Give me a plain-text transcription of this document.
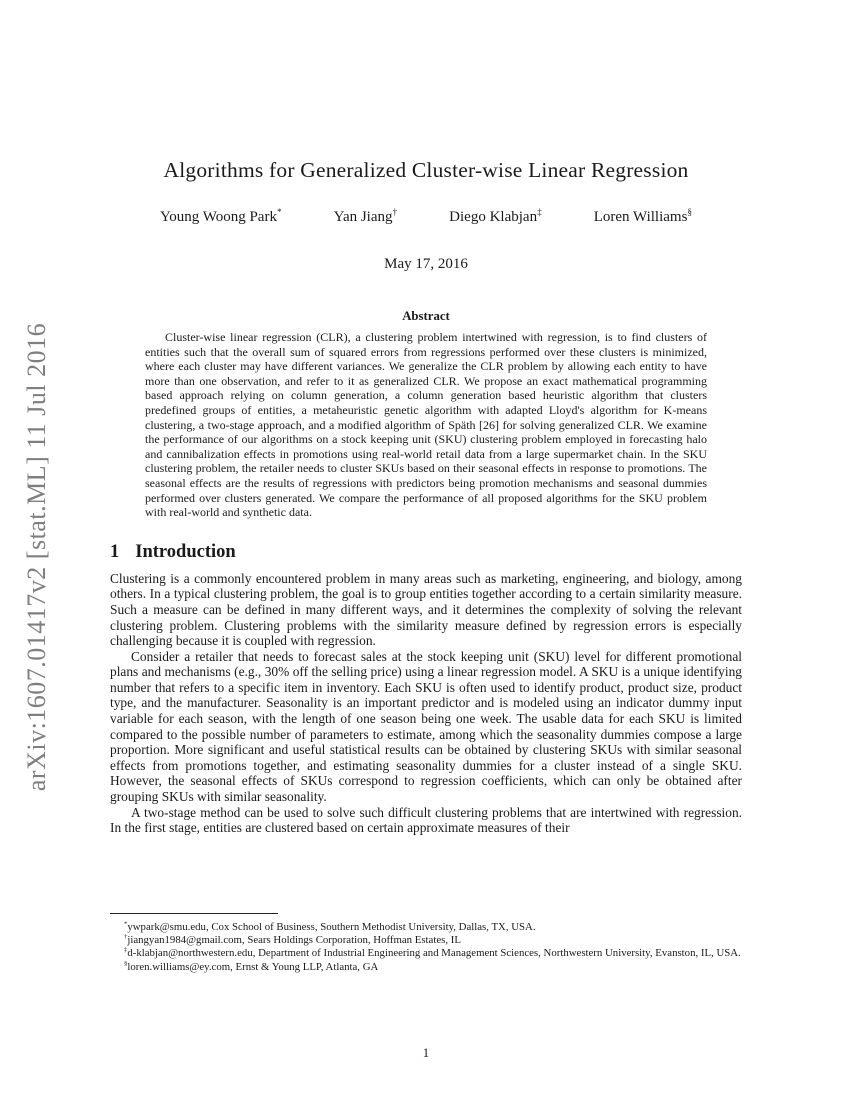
arXiv:1607.01417v2 [stat.ML] 11 Jul 2016
Algorithms for Generalized Cluster-wise Linear Regression
Young Woong Park*	Yan Jiang†	Diego Klabjan‡	Loren Williams§
May 17, 2016
Abstract

Cluster-wise linear regression (CLR), a clustering problem intertwined with regression, is to find clusters of entities such that the overall sum of squared errors from regressions performed over these clusters is minimized, where each cluster may have different variances. We generalize the CLR problem by allowing each entity to have more than one observation, and refer to it as generalized CLR. We propose an exact mathematical programming based approach relying on column generation, a column generation based heuristic algorithm that clusters predefined groups of entities, a metaheuristic genetic algorithm with adapted Lloyd's algorithm for K-means clustering, a two-stage approach, and a modified algorithm of Späth [26] for solving generalized CLR. We examine the performance of our algorithms on a stock keeping unit (SKU) clustering problem employed in forecasting halo and cannibalization effects in promotions using real-world retail data from a large supermarket chain. In the SKU clustering problem, the retailer needs to cluster SKUs based on their seasonal effects in response to promotions. The seasonal effects are the results of regressions with predictors being promotion mechanisms and seasonal dummies performed over clusters generated. We compare the performance of all proposed algorithms for the SKU problem with real-world and synthetic data.

1 Introduction

Clustering is a commonly encountered problem in many areas such as marketing, engineering, and biology, among others. In a typical clustering problem, the goal is to group entities together according to a certain similarity measure. Such a measure can be defined in many different ways, and it determines the complexity of solving the relevant clustering problem. Clustering problems with the similarity measure defined by regression errors is especially challenging because it is coupled with regression.

Consider a retailer that needs to forecast sales at the stock keeping unit (SKU) level for different promotional plans and mechanisms (e.g., 30% off the selling price) using a linear regression model. A SKU is a unique identifying number that refers to a specific item in inventory. Each SKU is often used to identify product, product size, product type, and the manufacturer. Seasonality is an important predictor and is modeled using an indicator dummy input variable for each season, with the length of one season being one week. The usable data for each SKU is limited compared to the possible number of parameters to estimate, among which the seasonality dummies compose a large proportion. More significant and useful statistical results can be obtained by clustering SKUs with similar seasonal effects from promotions together, and estimating seasonality dummies for a cluster instead of a single SKU. However, the seasonal effects of SKUs correspond to regression coefficients, which can only be obtained after grouping SKUs with similar seasonality.

A two-stage method can be used to solve such difficult clustering problems that are intertwined with regression. In the first stage, entities are clustered based on certain approximate measures of their

*ywpark@smu.edu, Cox School of Business, Southern Methodist University, Dallas, TX, USA.

†jiangyan1984@gmail.com, Sears Holdings Corporation, Hoffman Estates, IL

‡d-klabjan@northwestern.edu, Department of Industrial Engineering and Management Sciences, Northwestern University, Evanston, IL, USA.

§loren.williams@ey.com, Ernst & Young LLP, Atlanta, GA

1
